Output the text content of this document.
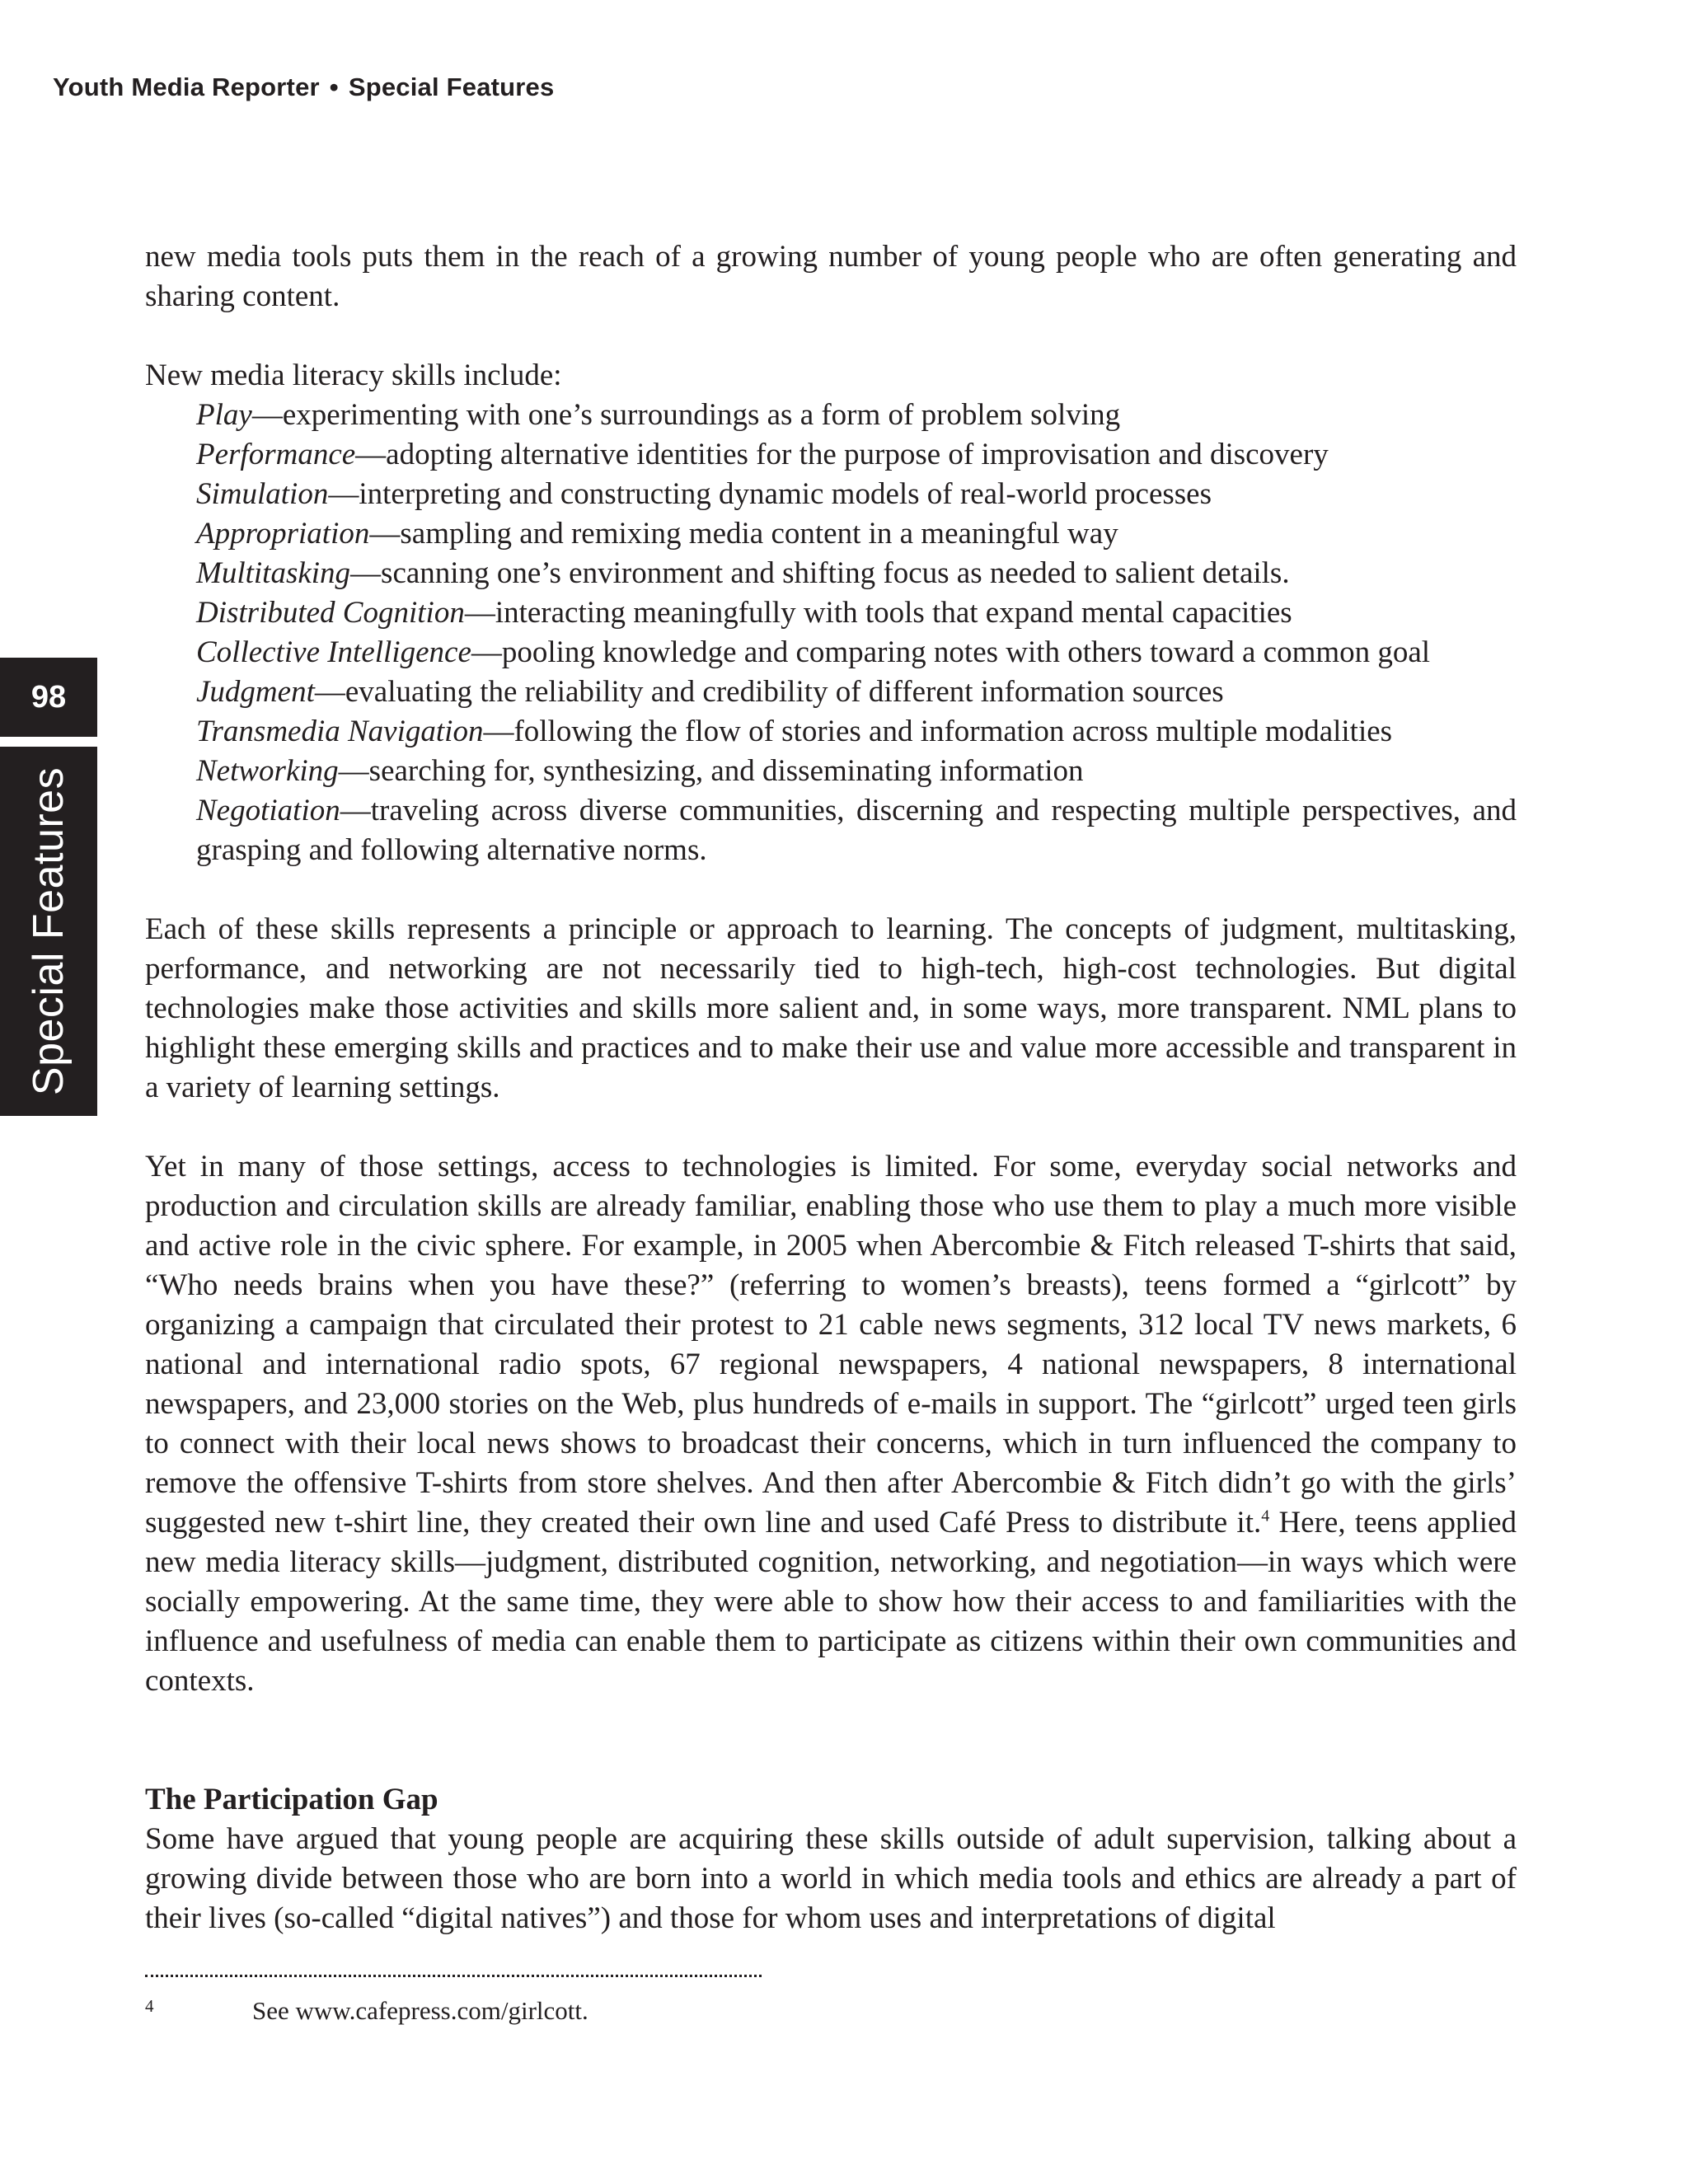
Youth Media Reporter • Special Features
98
Special Features

new media tools puts them in the reach of a growing number of young people who are often generating and sharing content.

New media literacy skills include:

Play—experimenting with one’s surroundings as a form of problem solving
Performance—adopting alternative identities for the purpose of improvisation and discovery
Simulation—interpreting and constructing dynamic models of real-world processes
Appropriation—sampling and remixing media content in a meaningful way
Multitasking—scanning one’s environment and shifting focus as needed to salient details.
Distributed Cognition—interacting meaningfully with tools that expand mental capacities
Collective Intelligence—pooling knowledge and comparing notes with others toward a common goal
Judgment—evaluating the reliability and credibility of different information sources
Transmedia Navigation—following the flow of stories and information across multiple modalities
Networking—searching for, synthesizing, and disseminating information
Negotiation—traveling across diverse communities, discerning and respecting multiple perspectives, and grasping and following alternative norms.

Each of these skills represents a principle or approach to learning. The concepts of judgment, multitasking, performance, and networking are not necessarily tied to high-tech, high-cost technologies. But digital technologies make those activities and skills more salient and, in some ways, more transparent. NML plans to highlight these emerging skills and practices and to make their use and value more accessible and transparent in a variety of learning settings.

Yet in many of those settings, access to technologies is limited. For some, everyday social networks and production and circulation skills are already familiar, enabling those who use them to play a much more visible and active role in the civic sphere. For example, in 2005 when Abercombie & Fitch released T-shirts that said, “Who needs brains when you have these?” (referring to women’s breasts), teens formed a “girlcott” by organizing a campaign that circulated their protest to 21 cable news segments, 312 local TV news markets, 6 national and international radio spots, 67 regional newspapers, 4 national newspapers, 8 international newspapers, and 23,000 stories on the Web, plus hundreds of e-mails in support. The “girlcott” urged teen girls to connect with their local news shows to broadcast their concerns, which in turn influenced the company to remove the offensive T-shirts from store shelves. And then after Abercombie & Fitch didn’t go with the girls’ suggested new t-shirt line, they created their own line and used Café Press to distribute it.$^4$ Here, teens applied new media literacy skills—judgment, distributed cognition, networking, and negotiation—in ways which were socially empowering. At the same time, they were able to show how their access to and familiarities with the influence and usefulness of media can enable them to participate as citizens within their own communities and contexts.

The Participation Gap

Some have argued that young people are acquiring these skills outside of adult supervision, talking about a growing divide between those who are born into a world in which media tools and ethics are already a part of their lives (so-called “digital natives”) and those for whom uses and interpretations of digital

4	See www.cafepress.com/girlcott.
